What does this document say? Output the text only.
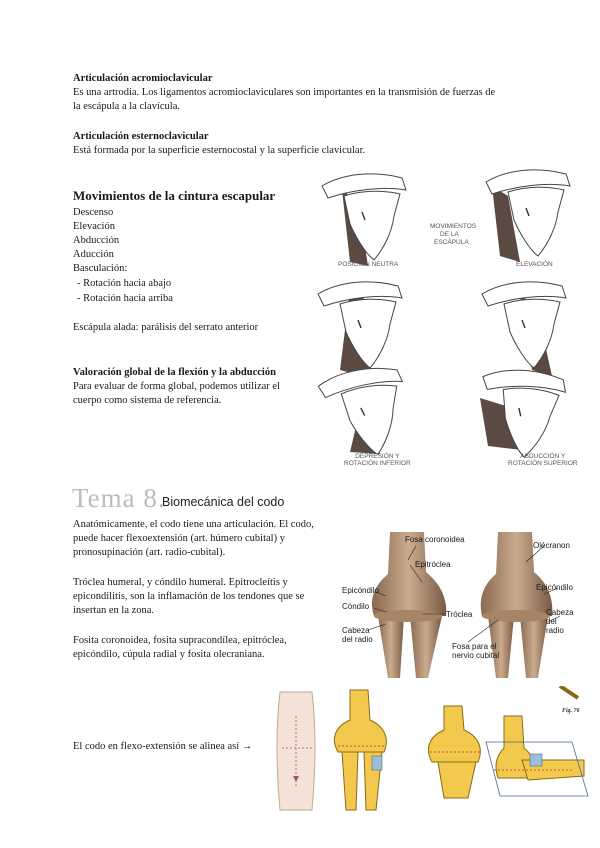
Articulación acromioclavicular
Es una artrodia. Los ligamentos acromioclaviculares son importantes en la transmisión de fuerzas de
la escápula a la clavícula.
Articulación esternoclavicular
Está formada por la superficie esternocostal y la superficie clavicular.
Movimientos de la cintura escapular
Descenso
Elevación
Abducción
Aducción
Basculación:
- Rotación hacia abajo
- Rotación hacia arriba
Escápula alada: parálisis del serrato anterior
Valoración global de la flexión y la abducción
Para evaluar de forma global, podemos utilizar el
cuerpo como sistema de referencia.
Tema 8.
Biomecánica del codo
Anatómicamente, el codo tiene una articulación. El codo,
puede hacer flexoextensión (art. húmero cubital) y
pronosupinación (art. radio-cubital).
Tróclea humeral, y cóndilo humeral. Epitrocleítis y
epicondilitis, son la inflamación de los tendones que se
insertan en la zona.
Fosita coronoidea, fosita supracondílea, epitróclea,
epicóndilo, cúpula radial y fosita olecraniana.
El codo en flexo-extensión se alinea así →
POSICIÓN NEUTRA
MOVIMIENTOS
DE LA
ESCÁPULA
ELEVACIÓN
DEPRESIÓN Y
ROTACIÓN INFERIOR
ABDUCCIÓN Y
ROTACIÓN SUPERIOR
Fosa coronoidea
Epitróclea
Epicóndilo
Cóndilo
Tróclea
Cabeza
del radio
Olécranon
Epicóndilo
Cabeza
del
radio
Fosa para el
nervio cubital
Fig. 76
